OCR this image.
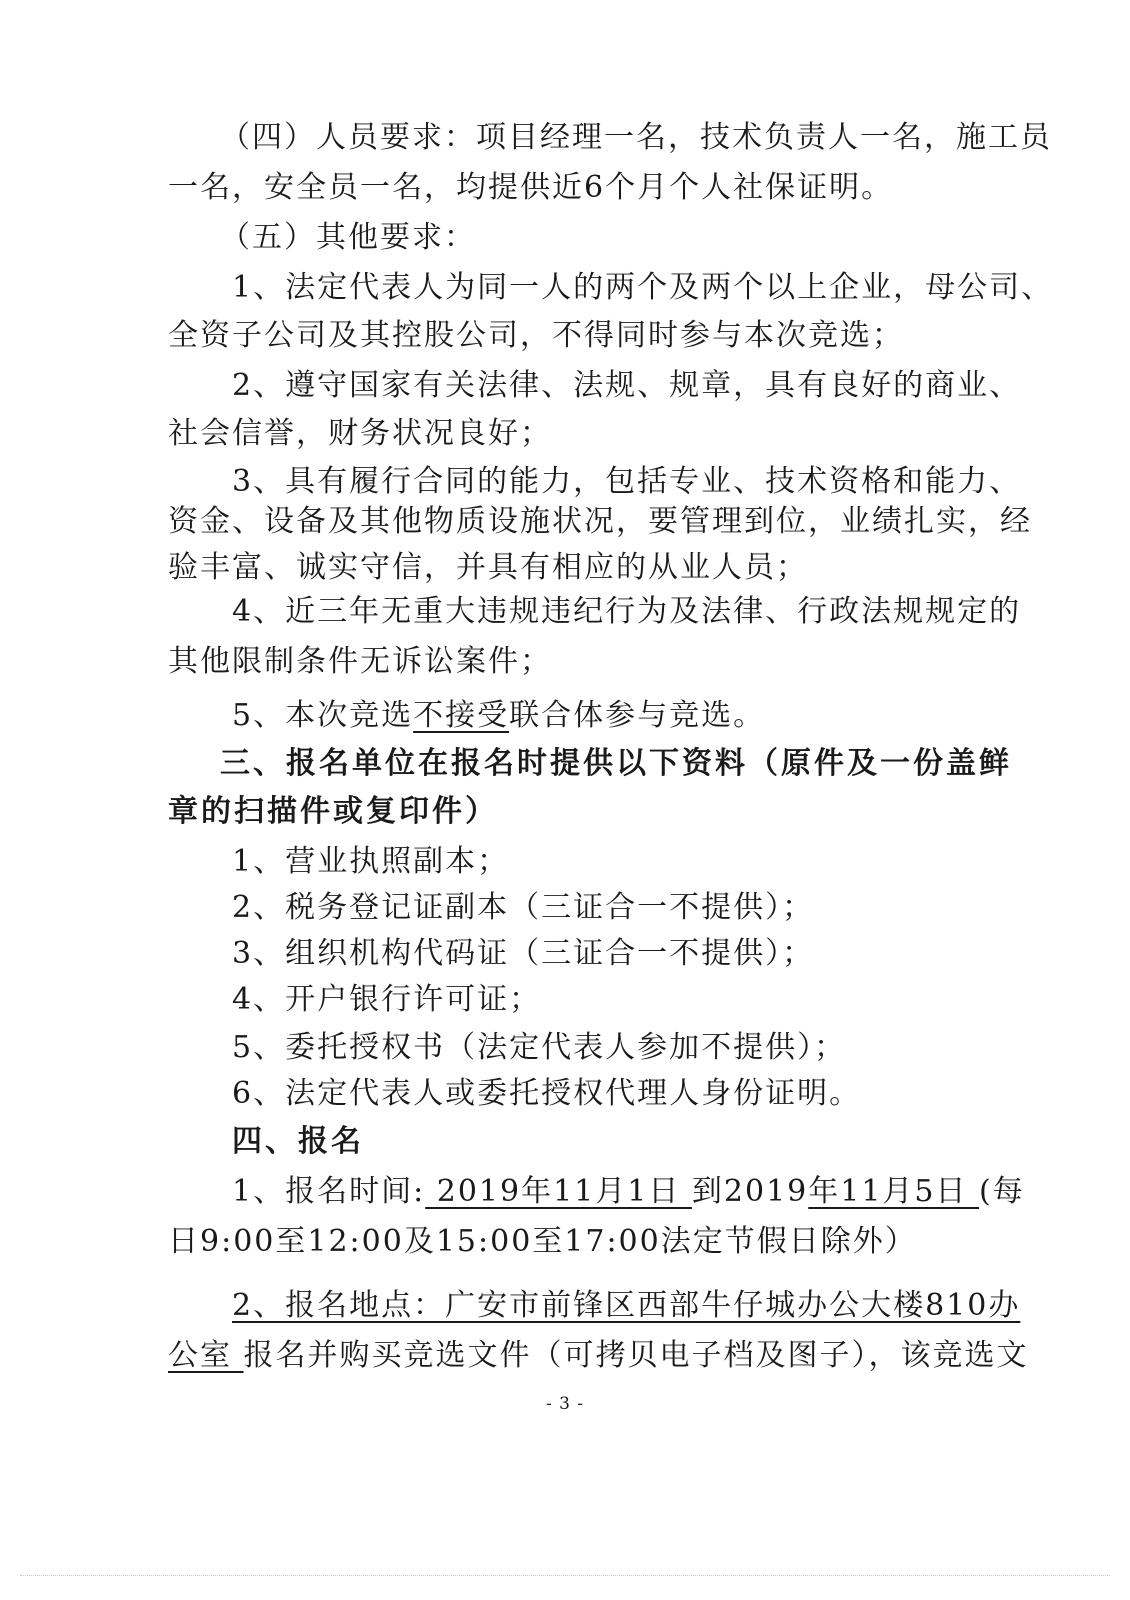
（四）人员要求：项目经理一名，技术负责人一名，施工员
一名，安全员一名，均提供近6个月个人社保证明。
（五）其他要求：
1、法定代表人为同一人的两个及两个以上企业，母公司、
全资子公司及其控股公司，不得同时参与本次竞选；
2、遵守国家有关法律、法规、规章，具有良好的商业、
社会信誉，财务状况良好；
3、具有履行合同的能力，包括专业、技术资格和能力、
资金、设备及其他物质设施状况，要管理到位，业绩扎实，经
验丰富、诚实守信，并具有相应的从业人员；
4、近三年无重大违规违纪行为及法律、行政法规规定的
其他限制条件无诉讼案件；
5、本次竞选不接受联合体参与竞选。
三、报名单位在报名时提供以下资料（原件及一份盖鲜
章的扫描件或复印件）
1、营业执照副本；
2、税务登记证副本（三证合一不提供）；
3、组织机构代码证（三证合一不提供）；
4、开户银行许可证；
5、委托授权书（法定代表人参加不提供）；
6、法定代表人或委托授权代理人身份证明。
四、报名
1、报名时间: 2019年11月1日 到2019年11月5日 (每
日9:00至12:00及15:00至17:00法定节假日除外）
2、报名地点：广安市前锋区西部牛仔城办公大楼810办
公室 报名并购买竞选文件（可拷贝电子档及图子），该竞选文
- 3 -
